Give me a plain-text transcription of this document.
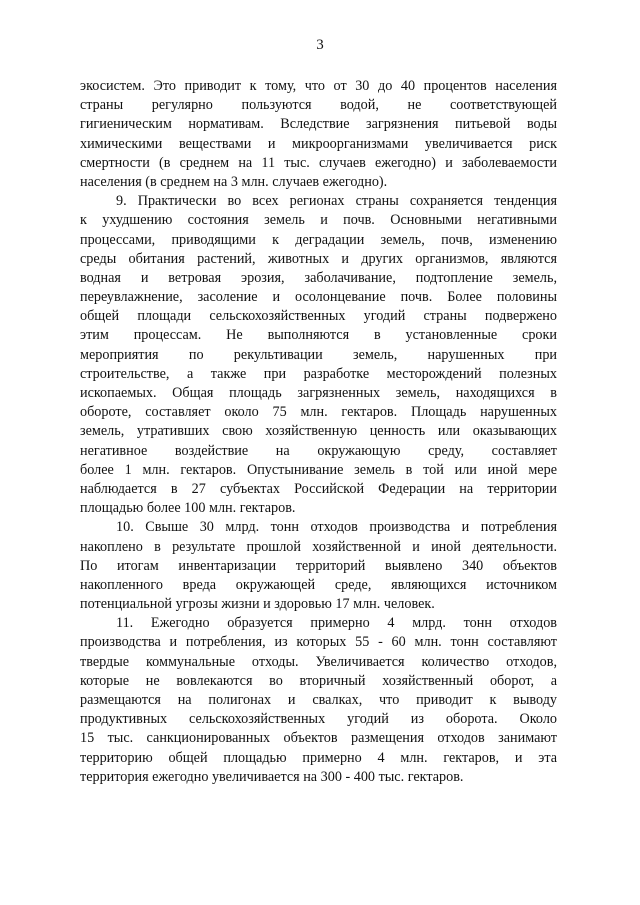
3
экосистем. Это приводит к тому, что от 30 до 40 процентов населения
страны регулярно пользуются водой, не соответствующей
гигиеническим нормативам. Вследствие загрязнения питьевой воды
химическими веществами и микроорганизмами увеличивается риск
смертности (в среднем на 11 тыс. случаев ежегодно) и заболеваемости
населения (в среднем на 3 млн. случаев ежегодно).
9. Практически во всех регионах страны сохраняется тенденция
к ухудшению состояния земель и почв. Основными негативными
процессами, приводящими к деградации земель, почв, изменению
среды обитания растений, животных и других организмов, являются
водная и ветровая эрозия, заболачивание, подтопление земель,
переувлажнение, засоление и осолонцевание почв. Более половины
общей площади сельскохозяйственных угодий страны подвержено
этим процессам. Не выполняются в установленные сроки
мероприятия по рекультивации земель, нарушенных при
строительстве, а также при разработке месторождений полезных
ископаемых. Общая площадь загрязненных земель, находящихся в
обороте, составляет около 75 млн. гектаров. Площадь нарушенных
земель, утративших свою хозяйственную ценность или оказывающих
негативное воздействие на окружающую среду, составляет
более 1 млн. гектаров. Опустынивание земель в той или иной мере
наблюдается в 27 субъектах Российской Федерации на территории
площадью более 100 млн. гектаров.
10. Свыше 30 млрд. тонн отходов производства и потребления
накоплено в результате прошлой хозяйственной и иной деятельности.
По итогам инвентаризации территорий выявлено 340 объектов
накопленного вреда окружающей среде, являющихся источником
потенциальной угрозы жизни и здоровью 17 млн. человек.
11. Ежегодно образуется примерно 4 млрд. тонн отходов
производства и потребления, из которых 55 - 60 млн. тонн составляют
твердые коммунальные отходы. Увеличивается количество отходов,
которые не вовлекаются во вторичный хозяйственный оборот, а
размещаются на полигонах и свалках, что приводит к выводу
продуктивных сельскохозяйственных угодий из оборота. Около
15 тыс. санкционированных объектов размещения отходов занимают
территорию общей площадью примерно 4 млн. гектаров, и эта
территория ежегодно увеличивается на 300 - 400 тыс. гектаров.
